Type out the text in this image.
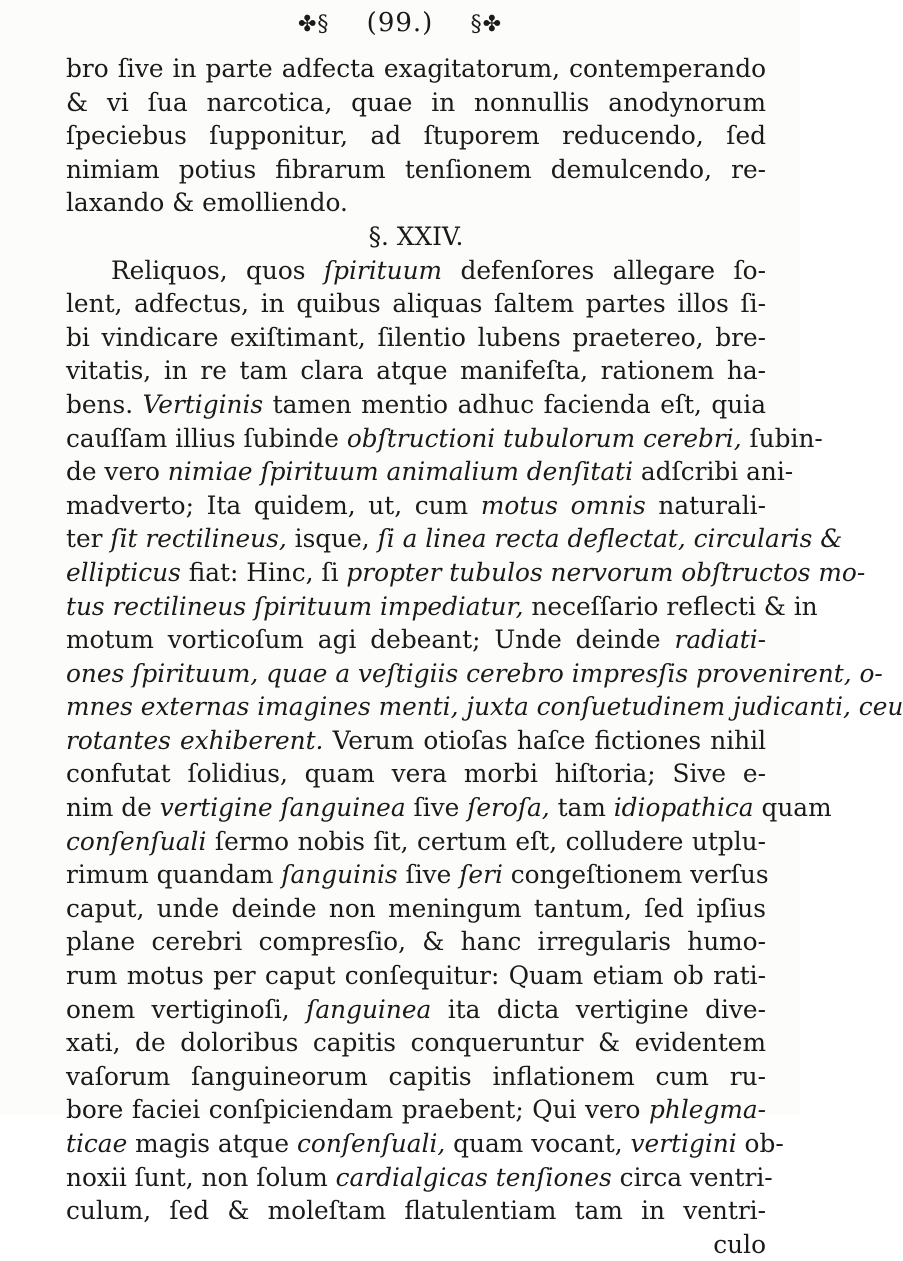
✤§ (99.) §✤
bro ſive in parte adfecta exagitatorum, contemperando
& vi ſua narcotica, quae in nonnullis anodynorum
ſpeciebus ſupponitur, ad ſtuporem reducendo, ſed
nimiam potius fibrarum tenſionem demulcendo, re-
laxando & emolliendo.
§. XXIV.
Reliquos, quos ſpirituum defenſores allegare ſo-
lent, adfectus, in quibus aliquas ſaltem partes illos ſi-
bi vindicare exiſtimant, ſilentio lubens praetereo, bre-
vitatis, in re tam clara atque manifeſta, rationem ha-
bens. Vertiginis tamen mentio adhuc facienda eſt, quia
cauſſam illius ſubinde obſtructioni tubulorum cerebri, ſubin-
de vero nimiae ſpirituum animalium denſitati adſcribi ani-
madverto; Ita quidem, ut, cum motus omnis naturali-
ter ſit rectilineus, isque, ſi a linea recta deflectat, circularis &
ellipticus fiat: Hinc, ſi propter tubulos nervorum obſtructos mo-
tus rectilineus ſpirituum impediatur, neceſſario reflecti & in
motum vorticoſum agi debeant; Unde deinde radiati-
ones ſpirituum, quae a veſtigiis cerebro impresſis provenirent, o-
mnes externas imagines menti, juxta conſuetudinem judicanti, ceu
rotantes exhiberent. Verum otioſas haſce fictiones nihil
confutat ſolidius, quam vera morbi hiſtoria; Sive e-
nim de vertigine ſanguinea ſive ſeroſa, tam idiopathica quam
conſenſuali ſermo nobis ſit, certum eſt, colludere utplu-
rimum quandam ſanguinis ſive ſeri congeſtionem verſus
caput, unde deinde non meningum tantum, ſed ipſius
plane cerebri compresſio, & hanc irregularis humo-
rum motus per caput conſequitur: Quam etiam ob rati-
onem vertiginoſi, ſanguinea ita dicta vertigine dive-
xati, de doloribus capitis conqueruntur & evidentem
vaſorum ſanguineorum capitis inflationem cum ru-
bore faciei conſpiciendam praebent; Qui vero phlegma-
ticae magis atque conſenſuali, quam vocant, vertigini ob-
noxii ſunt, non ſolum cardialgicas tenſiones circa ventri-
culum, ſed & moleſtam flatulentiam tam in ventri-
culo
